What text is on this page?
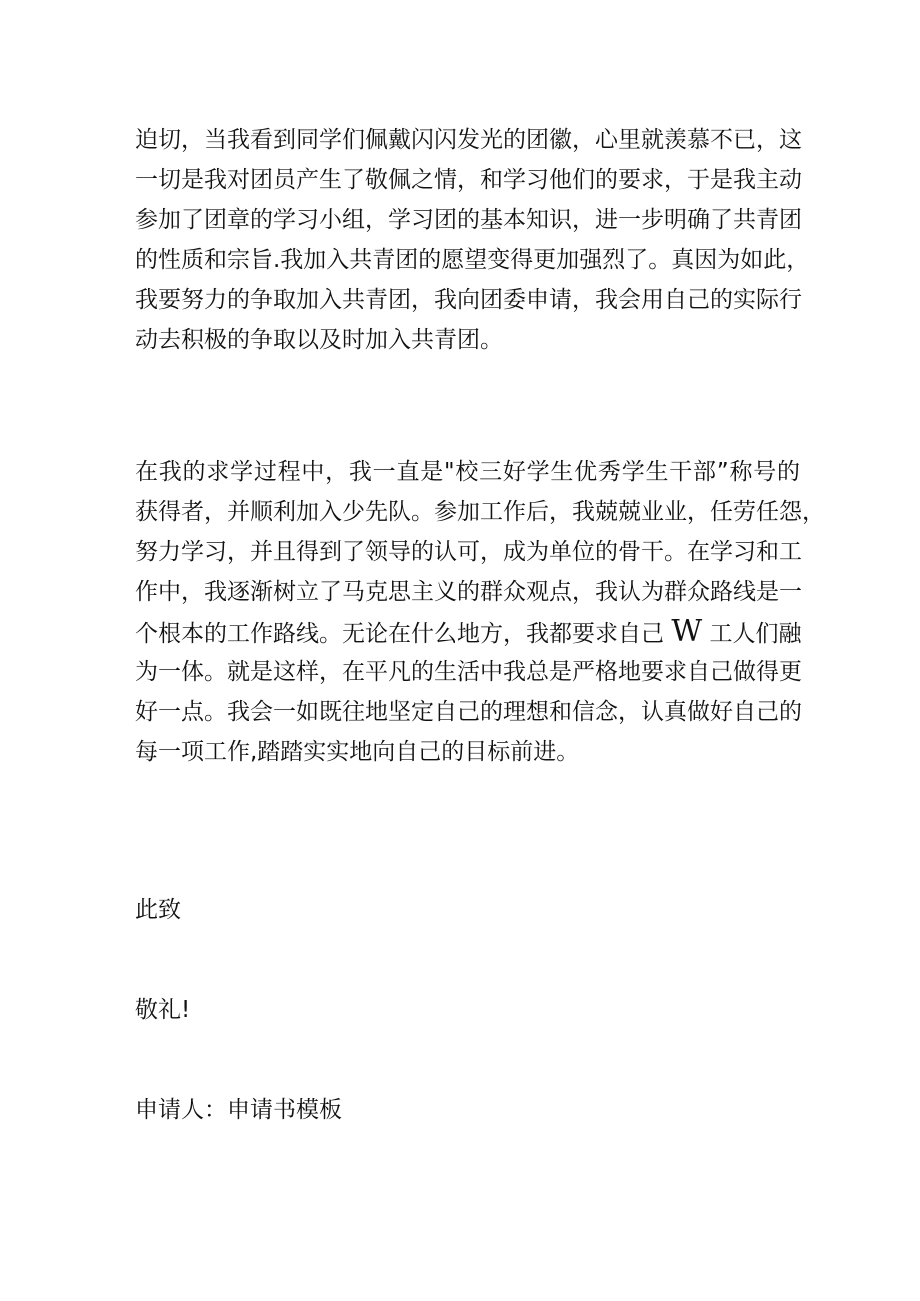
迫切，当我看到同学们佩戴闪闪发光的团徽，心里就羡慕不已，这
一切是我对团员产生了敬佩之情，和学习他们的要求，于是我主动
参加了团章的学习小组，学习团的基本知识，进一步明确了共青团
的性质和宗旨.我加入共青团的愿望变得更加强烈了。真因为如此，
我要努力的争取加入共青团，我向团委申请，我会用自己的实际行
动去积极的争取以及时加入共青团。
在我的求学过程中，我一直是"校三好学生优秀学生干部”称号的
获得者，并顺利加入少先队。参加工作后，我兢兢业业，任劳任怨，
努力学习，并且得到了领导的认可，成为单位的骨干。在学习和工
作中，我逐渐树立了马克思主义的群众观点，我认为群众路线是一
个根本的工作路线。无论在什么地方，我都要求自己 W 工人们融
为一体。就是这样，在平凡的生活中我总是严格地要求自己做得更
好一点。我会一如既往地坚定自己的理想和信念，认真做好自己的
每一项工作,踏踏实实地向自己的目标前进。
此致
敬礼!
申请人：申请书模板
